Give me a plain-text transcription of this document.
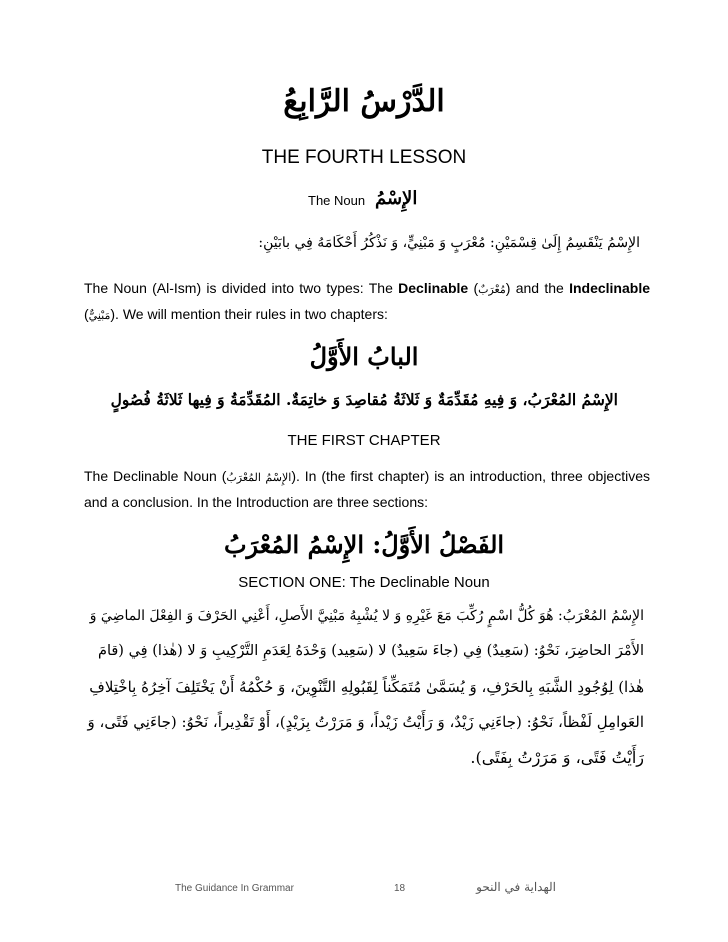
الدَّرْسُ الرَّابِعُ
THE FOURTH LESSON
The Noun الإِسْمُ
الإِسْمُ يَنْقَسِمُ إِلَىٰ قِسْمَيْنِ: مُعْرَبٍ وَ مَبْنِيٍّ، وَ نَذْكُرُ أَحْكَامَهُ فِي بابَيْنِ:
The Noun (Al-Ism) is divided into two types: The Declinable (مُعْرَبٌ) and the Indeclinable (مَبْنِيٌّ). We will mention their rules in two chapters:
البابُ الأَوَّلُ
الإِسْمُ المُعْرَبُ، وَ فِيهِ مُقَدِّمَةٌ وَ ثَلاثَةُ مُقاصِدَ وَ خاتِمَةٌ. المُقَدِّمَةُ وَ فِيها ثَلاثَةُ فُصُولٍ
THE FIRST CHAPTER
The Declinable Noun (الإِسْمُ المُعْرَبُ). In (the first chapter) is an introduction, three objectives and a conclusion. In the Introduction are three sections:
الفَصْلُ الأَوَّلُ: الإِسْمُ المُعْرَبُ
SECTION ONE: The Declinable Noun
الإِسْمُ المُعْرَبُ: هُوَ كُلُّ اسْمٍ رُكِّبَ مَعَ غَيْرِهِ وَ لا يُشْبِهُ مَبْنِيَّ الأَصلِ، أَعْنِي الحَرْفَ وَ الفِعْلَ الماضِيَ وَ
الأَمْرَ الحاضِرَ، نَحْوُ: (سَعِيدٌ) فِي (جاءَ سَعِيدٌ) لا (سَعِيد) وَحْدَهُ لِعَدَمِ التَّرْكِيبِ وَ لا (هٰذا) فِي (قامَ
هٰذا) لِوُجُودِ الشَّبَهِ بِالحَرْفِ، وَ يُسَمَّىٰ مُتَمَكِّناً لِقَبُولِهِ التَّنْوِينَ، وَ حُكْمُهُ أَنْ يَخْتَلِفَ آخِرُهُ بِاخْتِلافِ
العَوامِلِ لَفْظاً، نَحْوُ: (جاءَنِي زَيْدٌ، وَ رَأَيْتُ زَيْداً، وَ مَرَرْتُ بِزَيْدٍ)، أَوْ تَقْدِيراً، نَحْوُ: (جاءَنِي فَتًى، وَ
رَأَيْتُ فَتًى، وَ مَرَرْتُ بِفَتًى).
The Guidance In Grammar	18	الهداية في النحو
